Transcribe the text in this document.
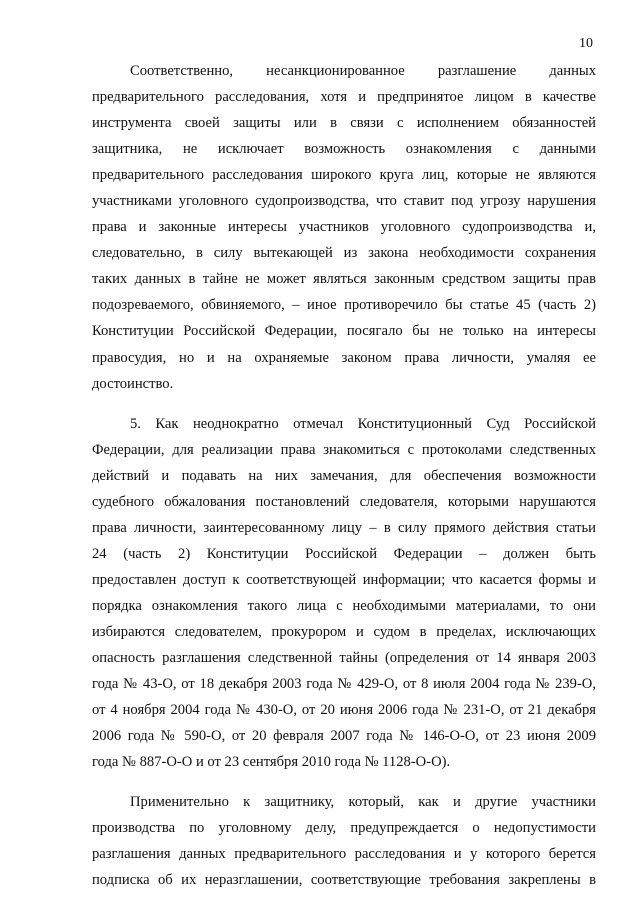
10
Соответственно, несанкционированное разглашение данных
предварительного расследования, хотя и предпринятое лицом в качестве
инструмента своей защиты или в связи с исполнением обязанностей
защитника, не исключает возможность ознакомления с данными
предварительного расследования широкого круга лиц, которые не являются
участниками уголовного судопроизводства, что ставит под угрозу нарушения
права и законные интересы участников уголовного судопроизводства и,
следовательно, в силу вытекающей из закона необходимости сохранения
таких данных в тайне не может являться законным средством защиты прав
подозреваемого, обвиняемого, – иное противоречило бы статье 45 (часть 2)
Конституции Российской Федерации, посягало бы не только на интересы
правосудия, но и на охраняемые законом права личности, умаляя ее
достоинство.
5. Как неоднократно отмечал Конституционный Суд Российской
Федерации, для реализации права знакомиться с протоколами следственных
действий и подавать на них замечания, для обеспечения возможности
судебного обжалования постановлений следователя, которыми нарушаются
права личности, заинтересованному лицу – в силу прямого действия статьи
24 (часть 2) Конституции Российской Федерации – должен быть
предоставлен доступ к соответствующей информации; что касается формы и
порядка ознакомления такого лица с необходимыми материалами, то они
избираются следователем, прокурором и судом в пределах, исключающих
опасность разглашения следственной тайны (определения от 14 января 2003
года № 43-О, от 18 декабря 2003 года № 429-О, от 8 июля 2004 года № 239-О,
от 4 ноября 2004 года № 430-О, от 20 июня 2006 года № 231-О, от 21 декабря
2006 года № 590-О, от 20 февраля 2007 года № 146-О-О, от 23 июня 2009
года № 887-О-О и от 23 сентября 2010 года № 1128-О-О).
Применительно к защитнику, который, как и другие участники
производства по уголовному делу, предупреждается о недопустимости
разглашения данных предварительного расследования и у которого берется
подписка об их неразглашении, соответствующие требования закреплены в
